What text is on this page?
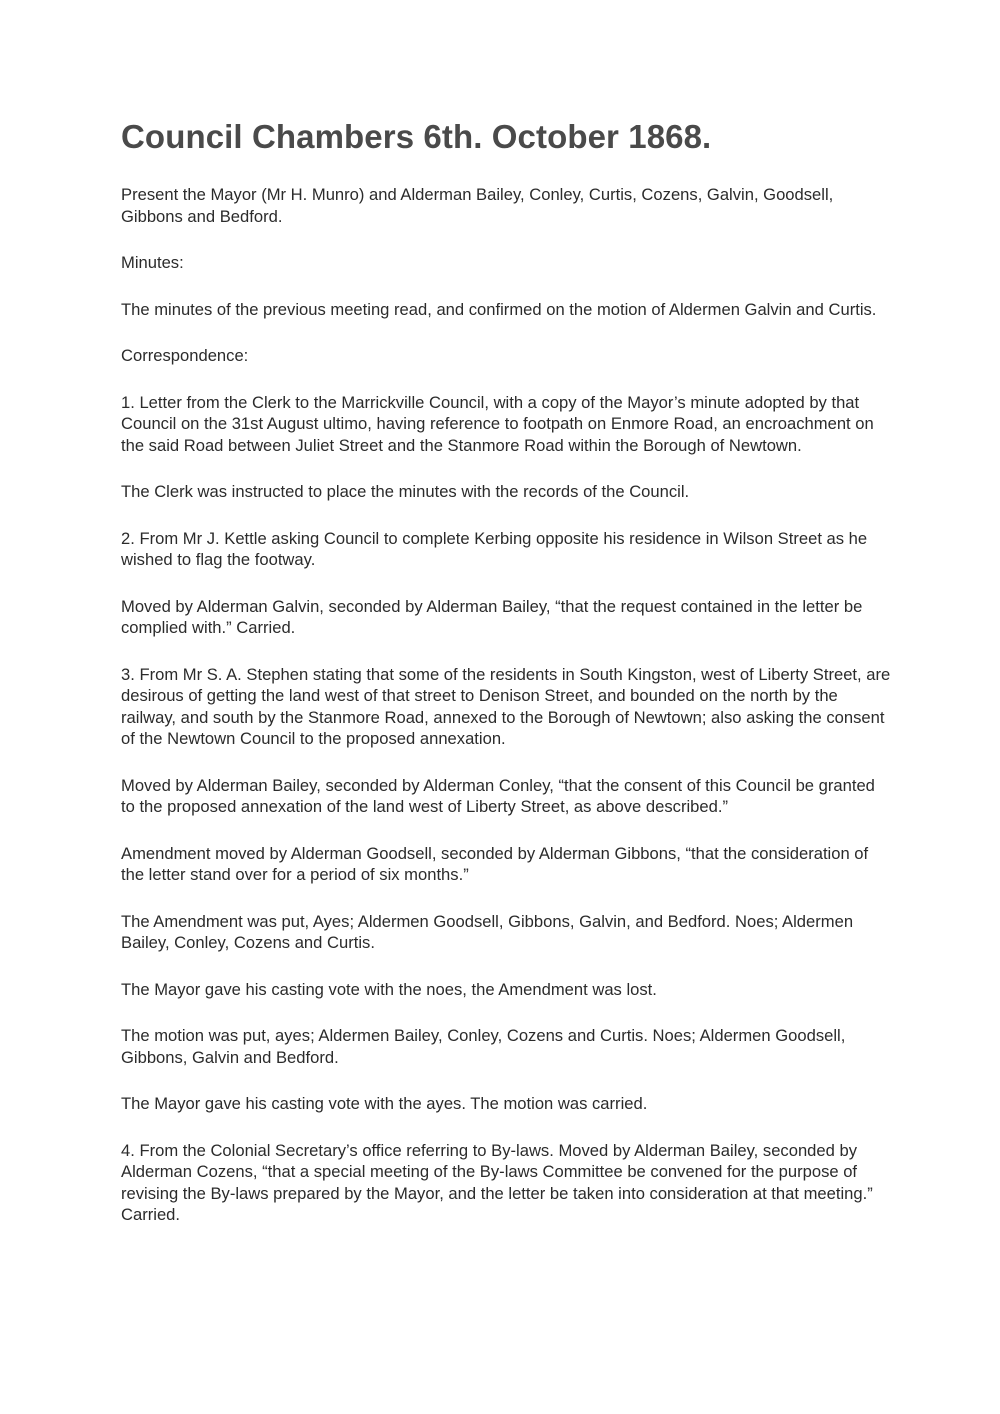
Council Chambers 6th. October 1868.

Present the Mayor (Mr H. Munro) and Alderman Bailey, Conley, Curtis, Cozens, Galvin, Goodsell, Gibbons and Bedford.

Minutes:

The minutes of the previous meeting read, and confirmed on the motion of Aldermen Galvin and Curtis.

Correspondence:

1. Letter from the Clerk to the Marrickville Council, with a copy of the Mayor’s minute adopted by that Council on the 31st August ultimo, having reference to footpath on Enmore Road, an encroachment on the said Road between Juliet Street and the Stanmore Road within the Borough of Newtown.

The Clerk was instructed to place the minutes with the records of the Council.

2. From Mr J. Kettle asking Council to complete Kerbing opposite his residence in Wilson Street as he wished to flag the footway.

Moved by Alderman Galvin, seconded by Alderman Bailey, “that the request contained in the letter be complied with.” Carried.

3. From Mr S. A. Stephen stating that some of the residents in South Kingston, west of Liberty Street, are desirous of getting the land west of that street to Denison Street, and bounded on the north by the railway, and south by the Stanmore Road, annexed to the Borough of Newtown; also asking the consent of the Newtown Council to the proposed annexation.

Moved by Alderman Bailey, seconded by Alderman Conley, “that the consent of this Council be granted to the proposed annexation of the land west of Liberty Street, as above described.”

Amendment moved by Alderman Goodsell, seconded by Alderman Gibbons, “that the consideration of the letter stand over for a period of six months.”

The Amendment was put, Ayes; Aldermen Goodsell, Gibbons, Galvin, and Bedford. Noes; Aldermen Bailey, Conley, Cozens and Curtis.

The Mayor gave his casting vote with the noes, the Amendment was lost.

The motion was put, ayes; Aldermen Bailey, Conley, Cozens and Curtis. Noes; Aldermen Goodsell, Gibbons, Galvin and Bedford.

The Mayor gave his casting vote with the ayes. The motion was carried.

4. From the Colonial Secretary’s office referring to By-laws. Moved by Alderman Bailey, seconded by Alderman Cozens, “that a special meeting of the By-laws Committee be convened for the purpose of revising the By-laws prepared by the Mayor, and the letter be taken into consideration at that meeting.” Carried.
